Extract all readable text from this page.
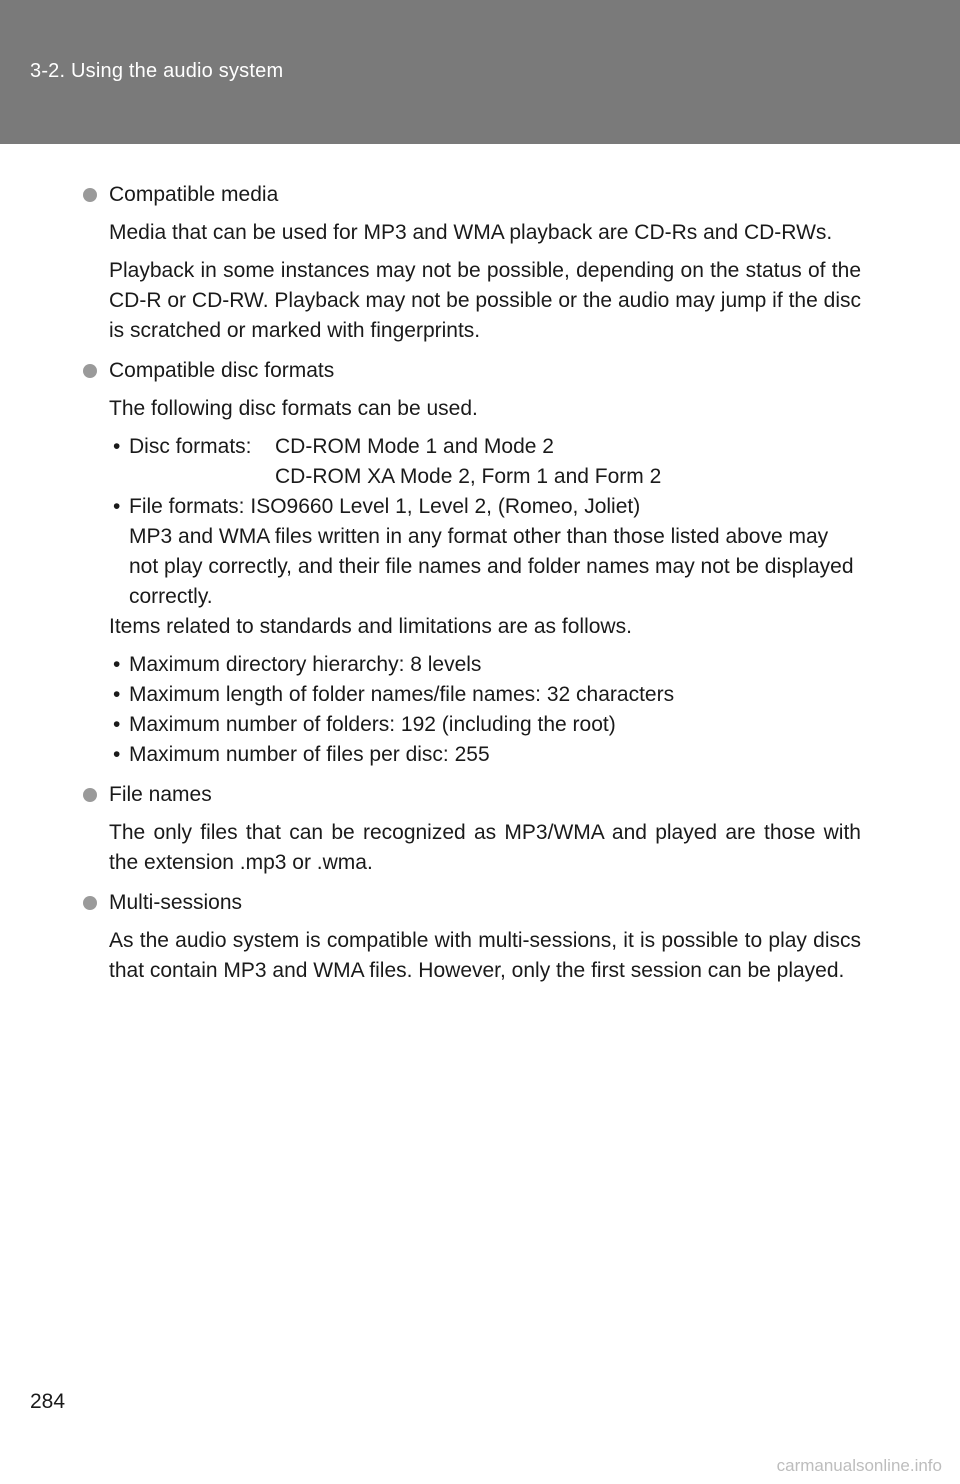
3-2. Using the audio system

Compatible media

Media that can be used for MP3 and WMA playback are CD-Rs and CD-RWs.

Playback in some instances may not be possible, depending on the status of the CD-R or CD-RW. Playback may not be possible or the audio may jump if the disc is scratched or marked with fingerprints.

Compatible disc formats

The following disc formats can be used.

• Disc formats:	CD-ROM Mode 1 and Mode 2
CD-ROM XA Mode 2, Form 1 and Form 2
• File formats: ISO9660 Level 1, Level 2, (Romeo, Joliet)
MP3 and WMA files written in any format other than those listed above may not play correctly, and their file names and folder names may not be displayed correctly.

Items related to standards and limitations are as follows.

• Maximum directory hierarchy: 8 levels
• Maximum length of folder names/file names: 32 characters
• Maximum number of folders: 192 (including the root)
• Maximum number of files per disc: 255

File names

The only files that can be recognized as MP3/WMA and played are those with the extension .mp3 or .wma.

Multi-sessions

As the audio system is compatible with multi-sessions, it is possible to play discs that contain MP3 and WMA files. However, only the first session can be played.

284
carmanualsonline.info
